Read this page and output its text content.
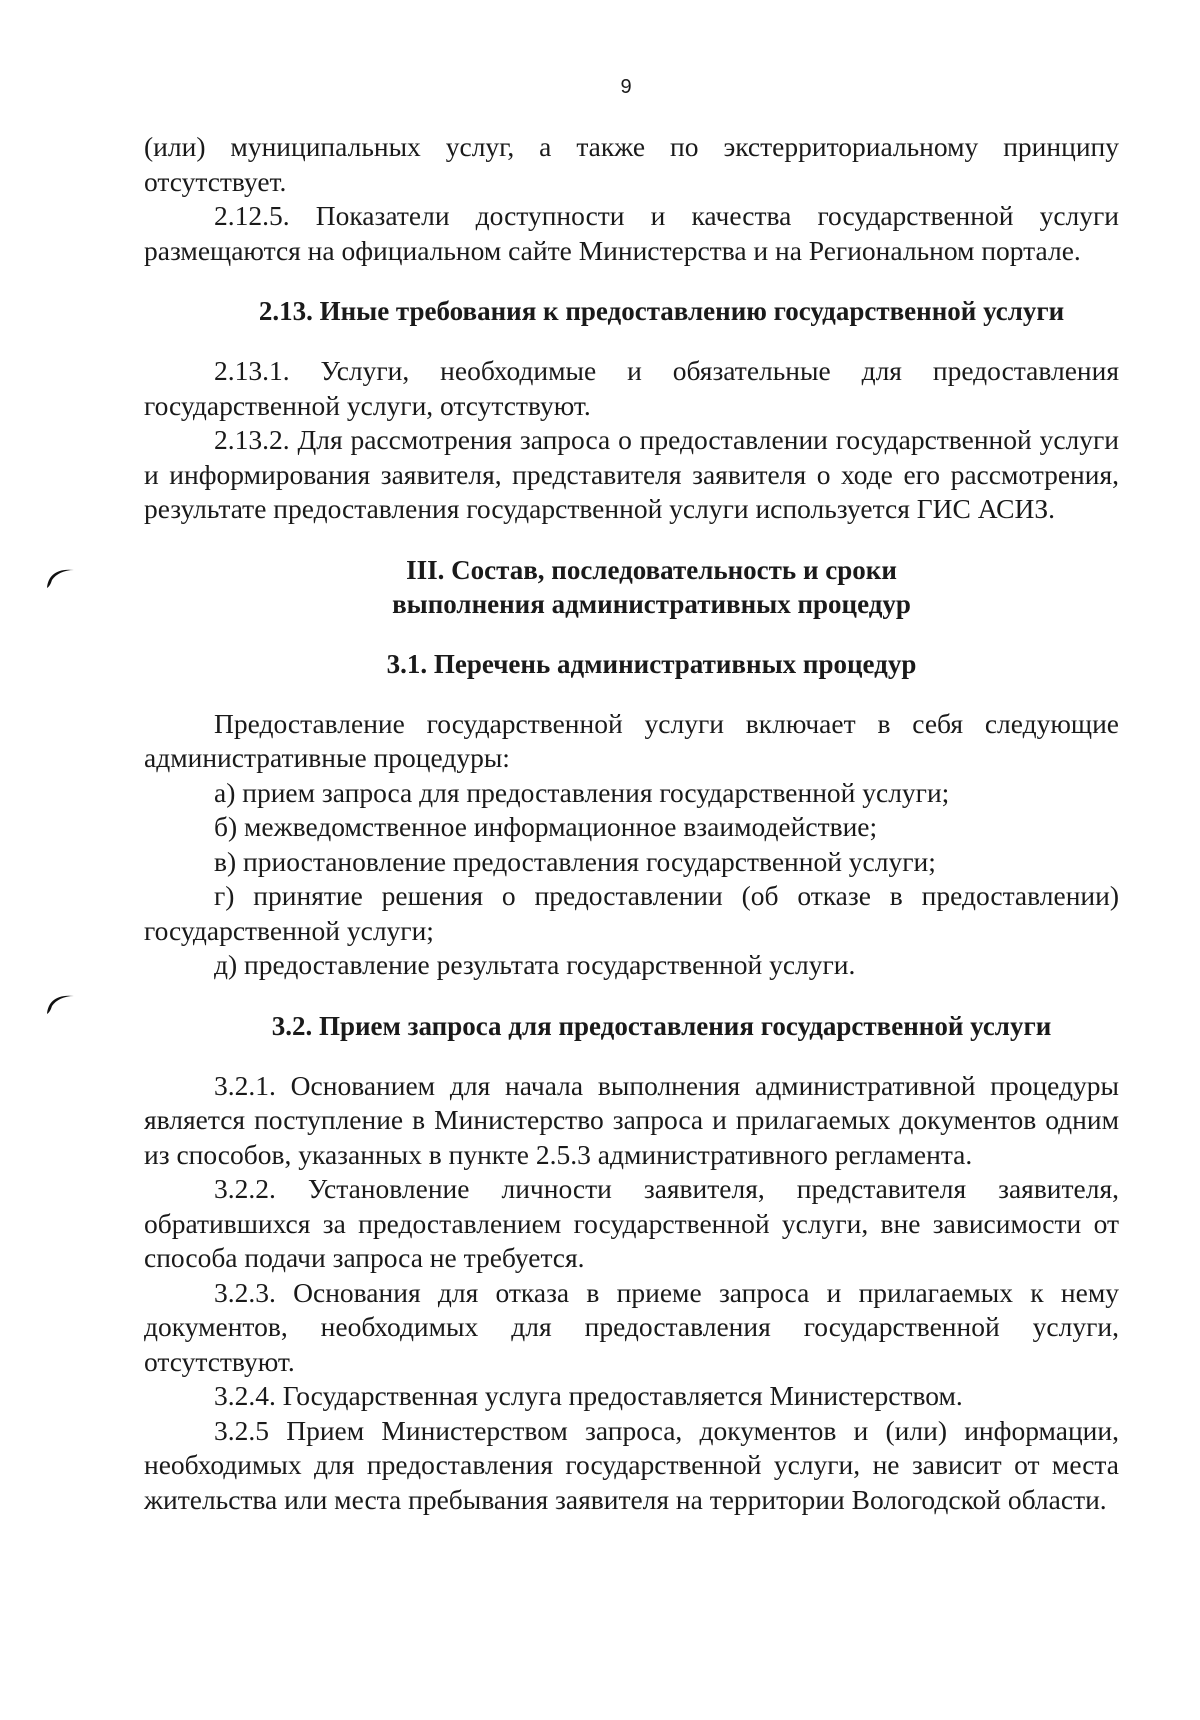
9

(или) муниципальных услуг, а также по экстерриториальному принципу отсутствует.

2.12.5. Показатели доступности и качества государственной услуги размещаются на официальном сайте Министерства и на Региональном портале.

2.13. Иные требования к предоставлению государственной услуги

2.13.1. Услуги, необходимые и обязательные для предоставления государственной услуги, отсутствуют.

2.13.2. Для рассмотрения запроса о предоставлении государственной услуги и информирования заявителя, представителя заявителя о ходе его рассмотрения, результате предоставления государственной услуги используется ГИС АСИЗ.

III. Состав, последовательность и сроки

выполнения административных процедур

3.1. Перечень административных процедур

Предоставление государственной услуги включает в себя следующие административные процедуры:

а) прием запроса для предоставления государственной услуги;

б) межведомственное информационное взаимодействие;

в) приостановление предоставления государственной услуги;

г) принятие решения о предоставлении (об отказе в предоставлении) государственной услуги;

д) предоставление результата государственной услуги.

3.2. Прием запроса для предоставления государственной услуги

3.2.1. Основанием для начала выполнения административной процедуры является поступление в Министерство запроса и прилагаемых документов одним из способов, указанных в пункте 2.5.3 административного регламента.

3.2.2. Установление личности заявителя, представителя заявителя, обратившихся за предоставлением государственной услуги, вне зависимости от способа подачи запроса не требуется.

3.2.3. Основания для отказа в приеме запроса и прилагаемых к нему документов, необходимых для предоставления государственной услуги, отсутствуют.

3.2.4. Государственная услуга предоставляется Министерством.

3.2.5 Прием Министерством запроса, документов и (или) информации, необходимых для предоставления государственной услуги, не зависит от места жительства или места пребывания заявителя на территории Вологодской области.
